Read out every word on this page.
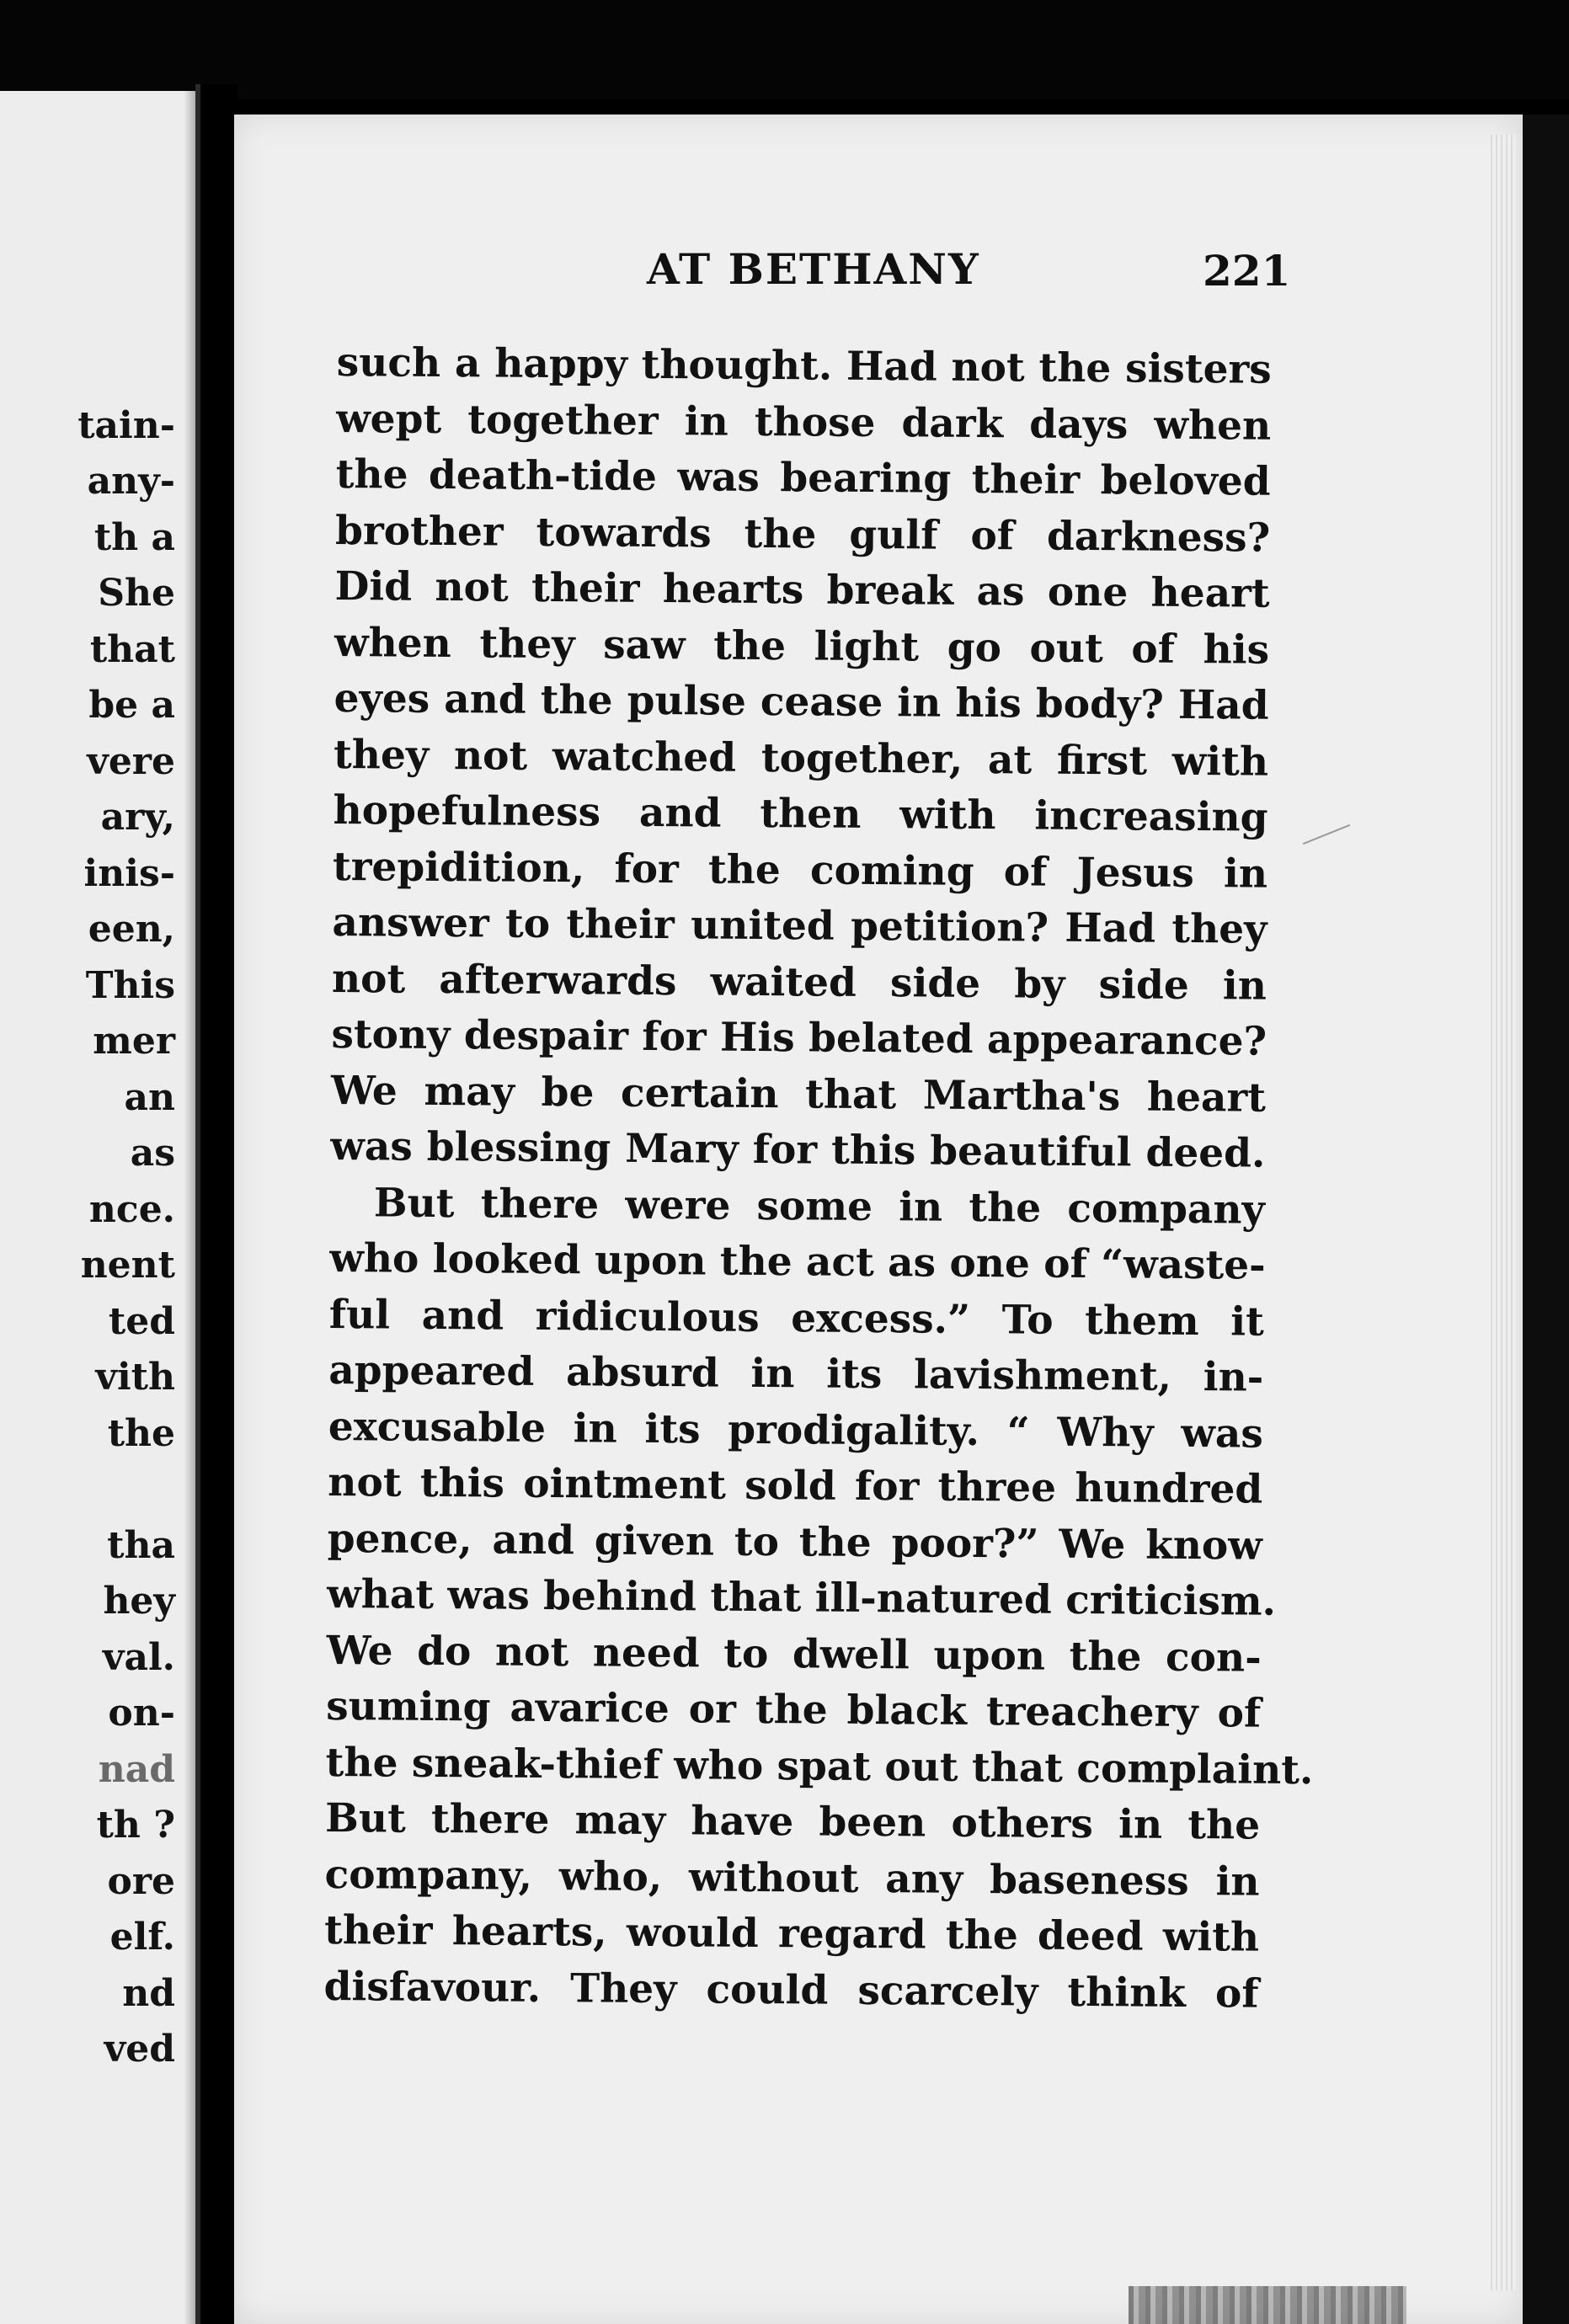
tain-
any-
th a
She
that
be a
vere
ary,
inis-
een,
This
mer
an
as
nce.
nent
ted
vith
the
tha
hey
val.
on-
nad
th ?
ore
elf.
nd
ved
AT BETHANY	221
such a happy thought. Had not the sisters
wept together in those dark days when
the death-tide was bearing their beloved
brother towards the gulf of darkness?
Did not their hearts break as one heart
when they saw the light go out of his
eyes and the pulse cease in his body? Had
they not watched together, at first with
hopefulness and then with increasing
trepidition, for the coming of Jesus in
answer to their united petition? Had they
not afterwards waited side by side in
stony despair for His belated appearance?
We may be certain that Martha's heart
was blessing Mary for this beautiful deed.
But there were some in the company
who looked upon the act as one of “waste-
ful and ridiculous excess.” To them it
appeared absurd in its lavishment, in-
excusable in its prodigality. “ Why was
not this ointment sold for three hundred
pence, and given to the poor?” We know
what was behind that ill-natured criticism.
We do not need to dwell upon the con-
suming avarice or the black treachery of
the sneak-thief who spat out that complaint.
But there may have been others in the
company, who, without any baseness in
their hearts, would regard the deed with
disfavour. They could scarcely think of
